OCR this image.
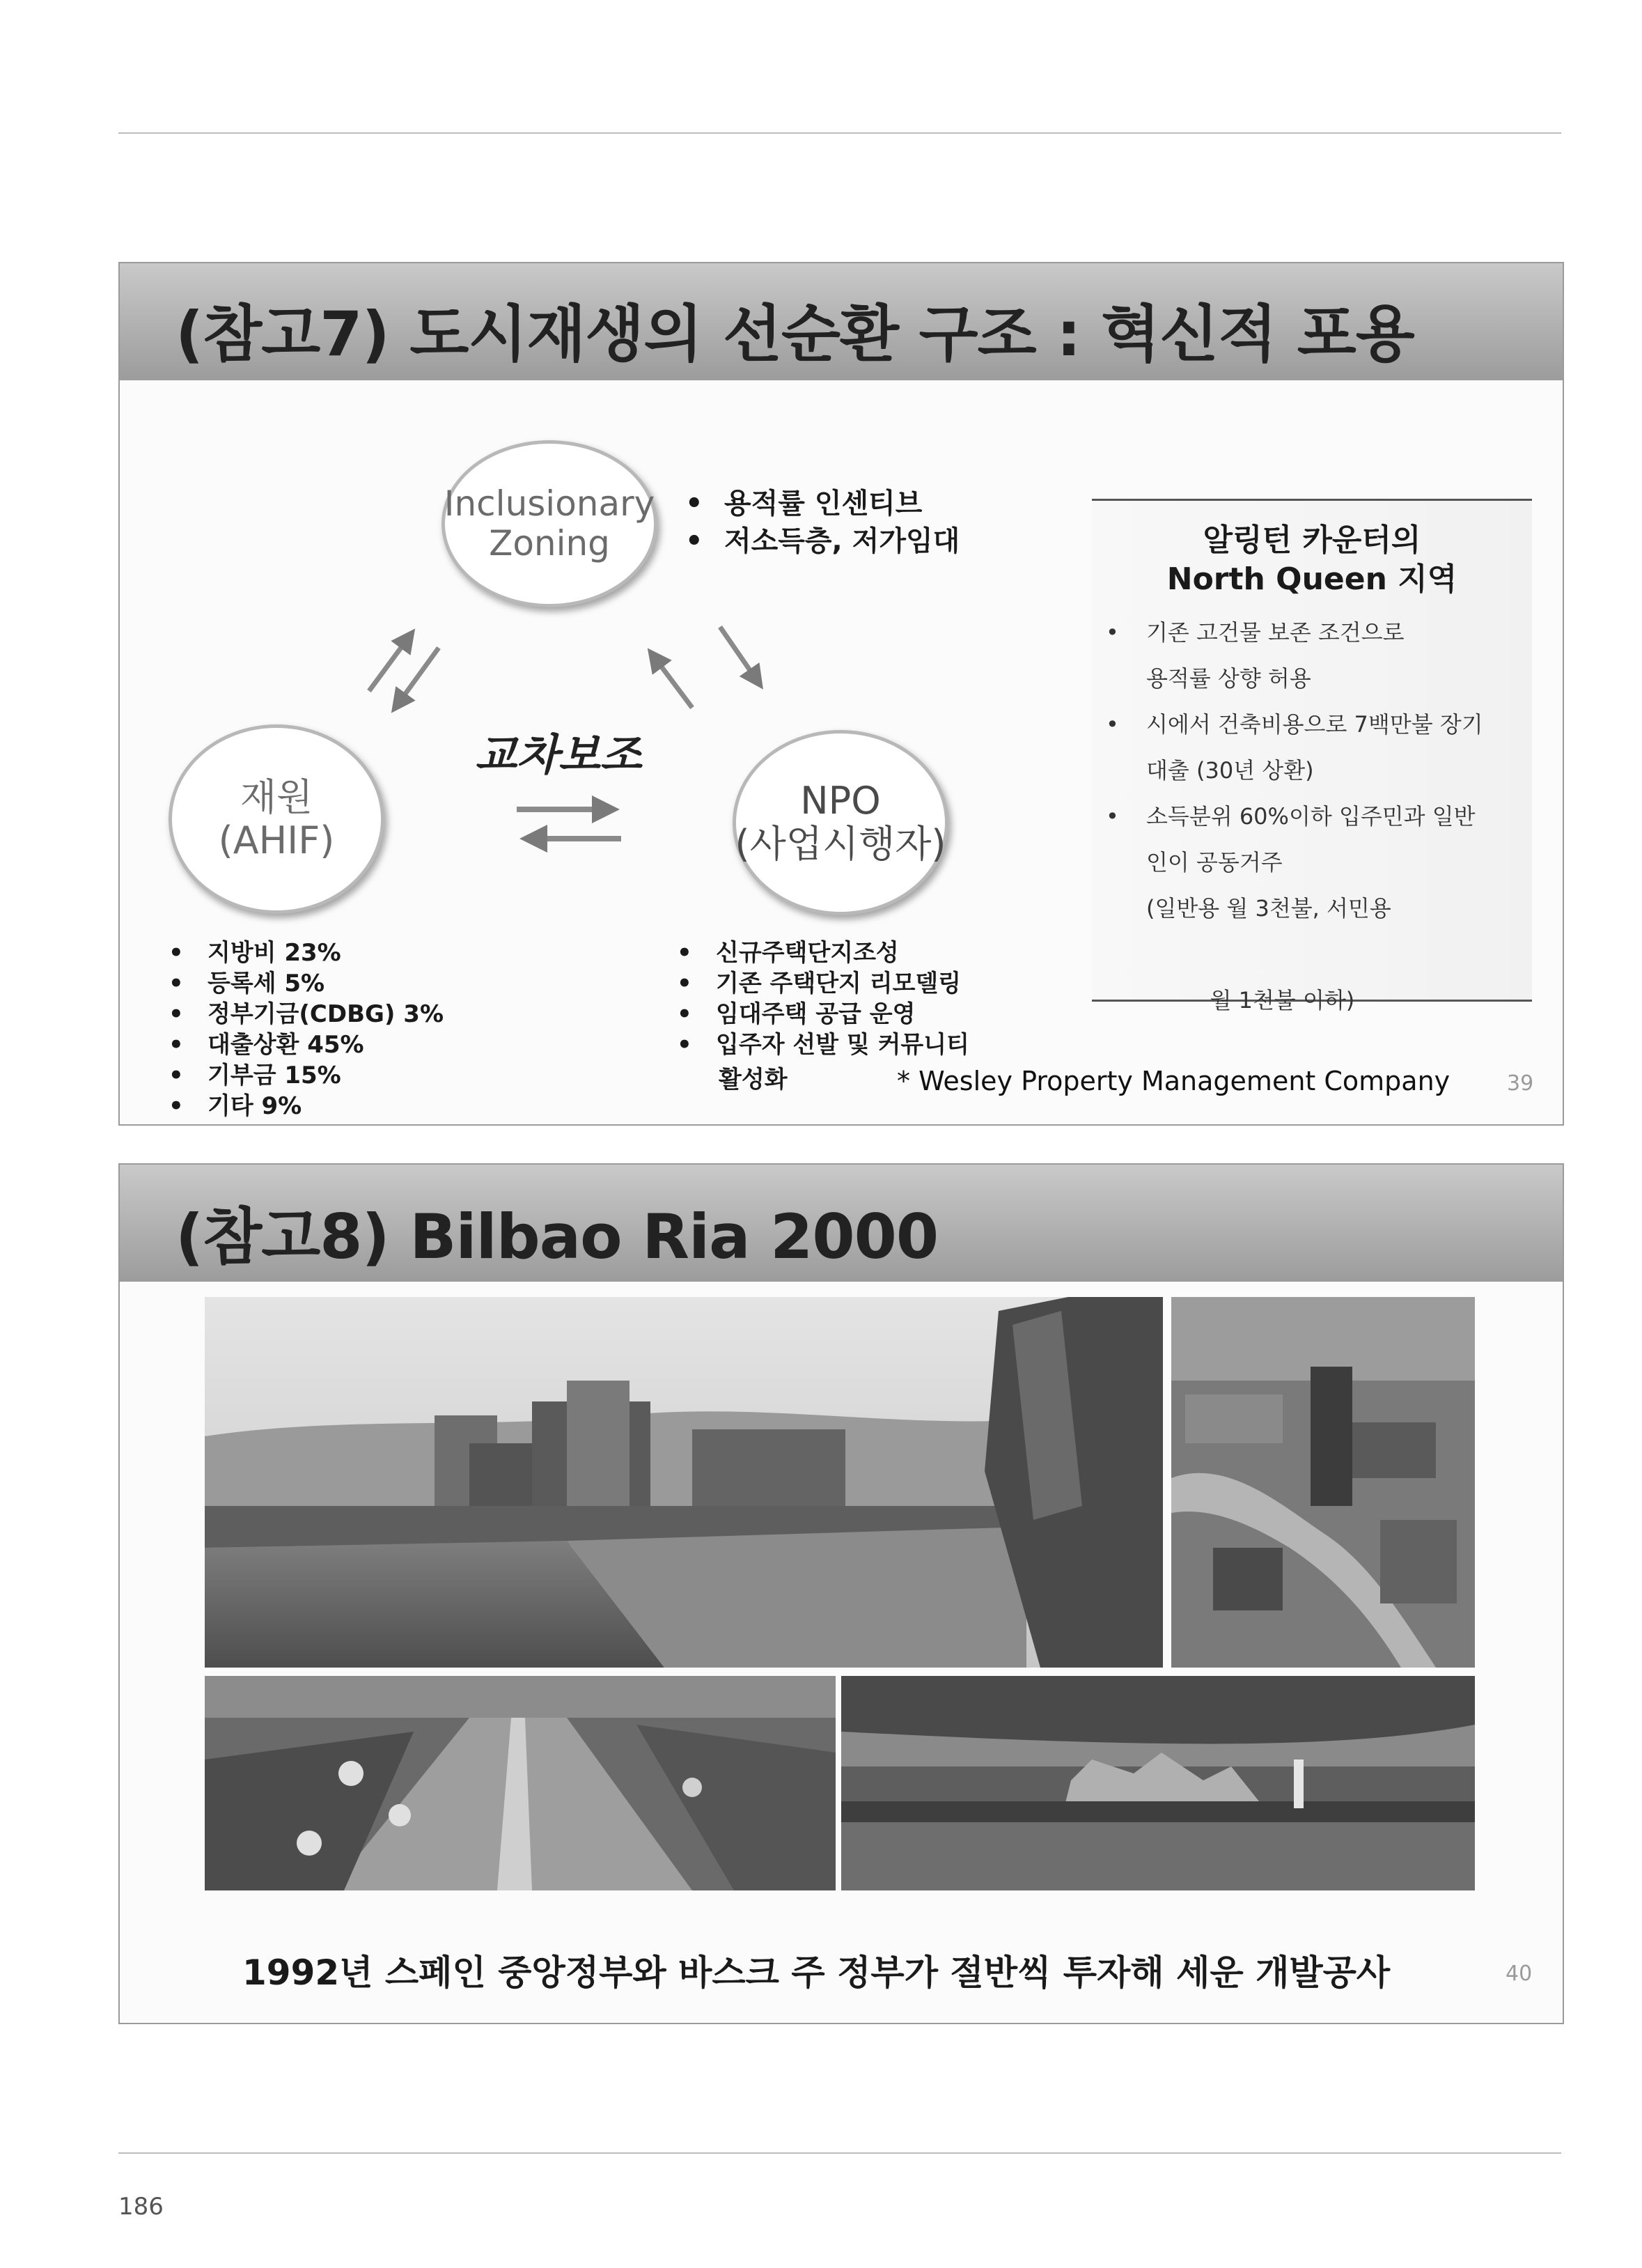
(참고7) 도시재생의 선순환 구조 : 혁신적 포용
Inclusionary
Zoning
재원
(AHIF)
NPO
(사업시행자)
• 용적률 인센티브
• 저소득층, 저가임대
교차보조
• 지방비 23%
• 등록세 5%
• 정부기금(CDBG) 3%
• 대출상환 45%
• 기부금 15%
• 기타 9%
• 신규주택단지조성
• 기존 주택단지 리모델링
• 임대주택 공급 운영
• 입주자 선발 및 커뮤니티
활성화
알링턴 카운터의
North Queen 지역
• 기존 고건물 보존 조건으로
용적률 상향 허용
• 시에서 건축비용으로 7백만불 장기
대출 (30년 상환)
• 소득분위 60%이하 입주민과 일반
인이 공동거주
(일반용 월 3천불, 서민용

월 1천불 이하)
* Wesley Property Management Company	39
(참고8) Bilbao Ria 2000
1992년 스페인 중앙정부와 바스크 주 정부가 절반씩 투자해 세운 개발공사	40
186
